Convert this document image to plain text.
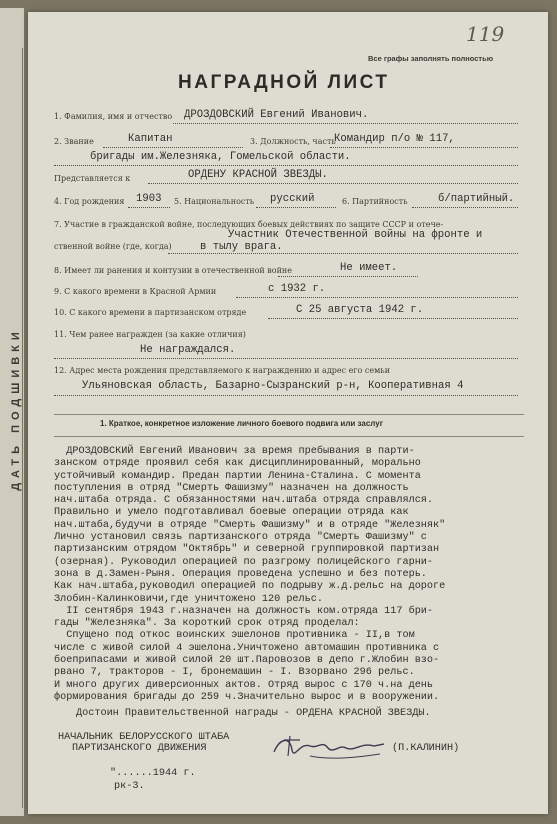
ДАТЬ ПОДШИВКИ
119
Все графы заполнять полностью
НАГРАДНОЙ ЛИСТ
1. Фамилия, имя и отчество ДРОЗДОВСКИЙ Евгений Иванович.
2. Звание	Капитан	3. Должность, часть
Командир п/о № 117,
бригады им.Железняка, Гомельской области.
Представляется к	ОРДЕНУ КРАСНОЙ ЗВЕЗДЫ.
4. Год рождения 1903 5. Национальность русский	6. Партийность	б/партийный.
7. Участие в гражданской войне, последующих боевых действиях по защите СССР и отече-
Участник Отечественной войны на фронте и
ственной войне (где, когда)	в тылу врага.
8. Имеет ли ранения и контузии в отечественной войне	Не имеет.
9. С какого времени в Красной Армии	с 1932 г.
10. С какого времени в партизанском отряде	С 25 августа 1942 г.
11. Чем ранее награжден (за какие отличия)
Не награждался.
12. Адрес места рождения представляемого к награждению и адрес его семьи
Ульяновская область, Базарно-Сызранский р-н, Кооперативная 4
1. Краткое, конкретное изложение личного боевого подвига или заслуг
ДРОЗДОВСКИЙ Евгений Иванович за время пребывания в парти-
занском отряде проявил себя как дисциплинированный, морально
устойчивый командир. Предан партии Ленина-Сталина. С момента
поступления в отряд "Смерть Фашизму" назначен на должность
нач.штаба отряда. С обязанностями нач.штаба отряда справлялся.
Правильно и умело подготавливал боевые операции отряда как
нач.штаба,будучи в отряде "Смерть Фашизму" и в отряде "Железняк"
Лично установил связь партизанского отряда "Смерть Фашизму" с
партизанским отрядом "Октябрь" и северной группировкой партизан
(озерная). Руководил операцией по разгрому полицейского гарни-
зона в д.Замен-Рыня. Операция проведена успешно и без потерь.
Как нач.штаба,руководил операцией по подрыву ж.д.рельс на дороге
Злобин-Калинковичи,где уничтожено 120 рельс.
II сентября 1943 г.назначен на должность ком.отряда 117 бри-
гады "Железняка". За короткий срок отряд проделал:
Спущено под откос воинских эшелонов противника - II,в том
числе с живой силой 4 эшелона.Уничтожено автомашин противника с
боеприпасами и живой силой 20 шт.Паровозов в депо г.Жлобин взо-
рвано 7, тракторов - I, бронемашин - I. Взорвано 296 рельс.
И много других диверсионных актов. Отряд вырос с 170 ч.на день
формирования бригады до 259 ч.Значительно вырос и в вооружении.
Достоин Правительственной награды - ОРДЕНА КРАСНОЙ ЗВЕЗДЫ.
НАЧАЛЬНИК БЕЛОРУССКОГО ШТАБА
ПАРТИЗАНСКОГО ДВИЖЕНИЯ	(П.КАЛИНИН)
"......1944 г.
рк-3.
